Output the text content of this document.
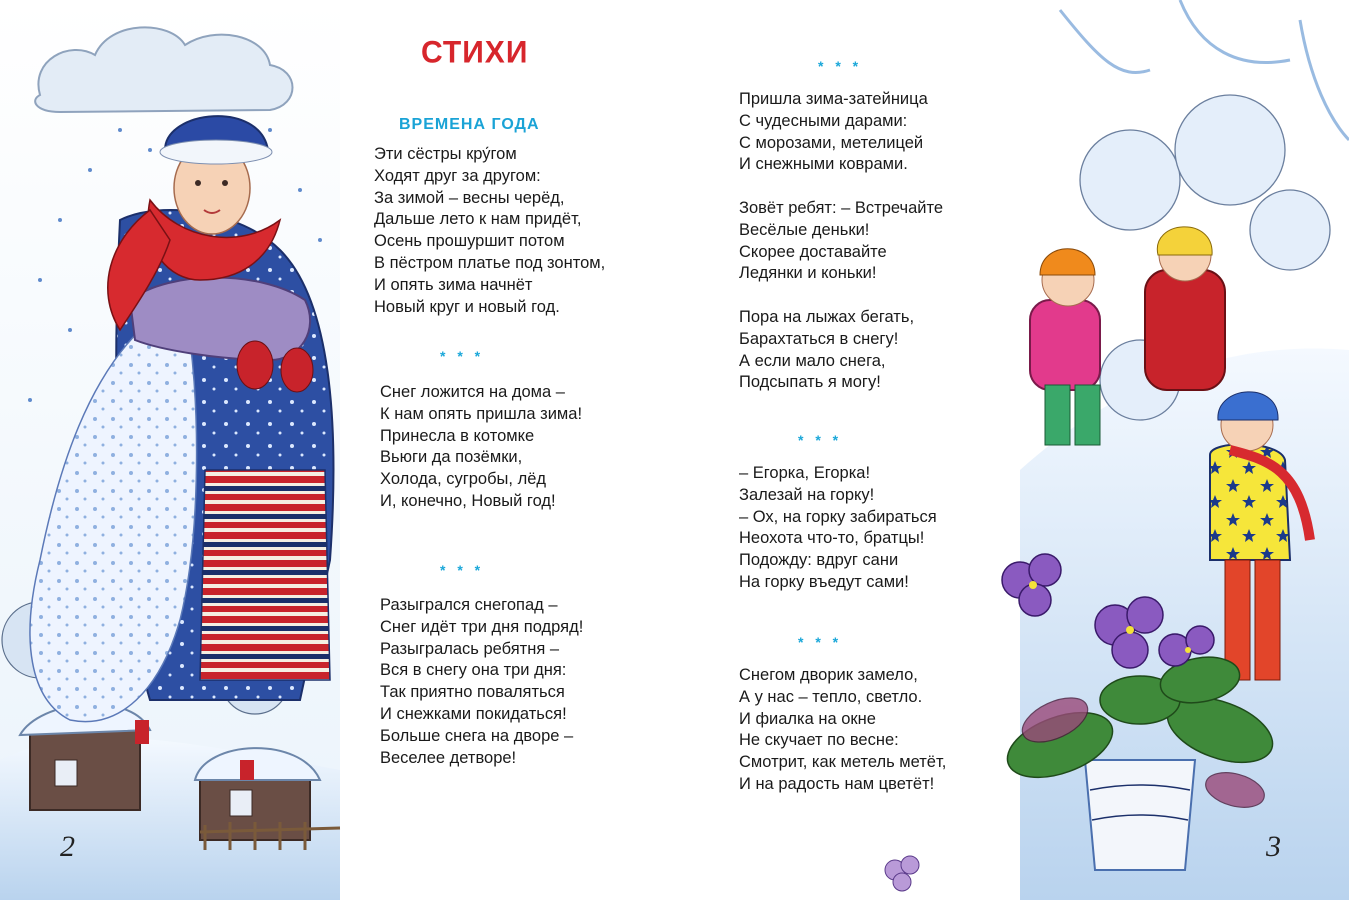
СТИХИ
ВРЕМЕНА ГОДА
Эти сёстры кру́гом
Ходят друг за другом:
За зимой – весны черёд,
Дальше лето к нам придёт,
Осень прошуршит потом
В пёстром платье под зонтом,
И опять зима начнёт
Новый круг и новый год.
* * *
Снег ложится на дома –
К нам опять пришла зима!
Принесла в котомке
Вьюги да позёмки,
Холода, сугробы, лёд
И, конечно, Новый год!
* * *
Разыгрался снегопад –
Снег идёт три дня подряд!
Разыгралась ребятня –
Вся в снегу она три дня:
Так приятно поваляться
И снежками покидаться!
Больше снега на дворе –
Веселее детворе!
2
* * *
Пришла зима-затейница
С чудесными дарами:
С морозами, метелицей
И снежными коврами.
Зовёт ребят: – Встречайте
Весёлые деньки!
Скорее доставайте
Ледянки и коньки!
Пора на лыжах бегать,
Барахтаться в снегу!
А если мало снега,
Подсыпать я могу!
* * *
– Егорка, Егорка!
Залезай на горку!
– Ох, на горку забираться
Неохота что-то, братцы!
Подожду: вдруг сани
На горку въедут сами!
* * *
Снегом дворик замело,
А у нас – тепло, светло.
И фиалка на окне
Не скучает по весне:
Смотрит, как метель метёт,
И на радость нам цветёт!
3
